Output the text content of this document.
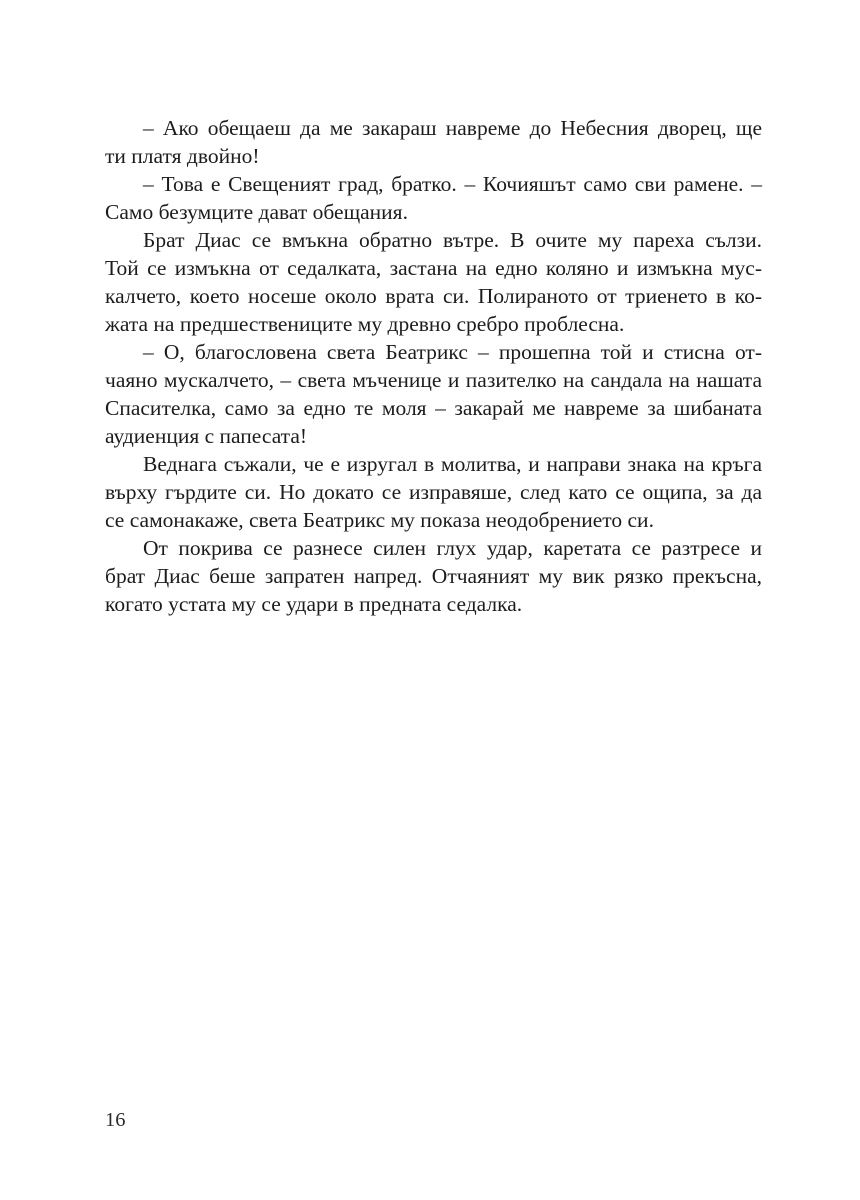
– Ако обещаеш да ме закараш навреме до Небесния дворец, ще
ти платя двойно!
– Това е Свещеният град, братко. – Кочияшът само сви рамене. –
Само безумците дават обещания.
Брат Диас се вмъкна обратно вътре. В очите му пареха сълзи.
Той се измъкна от седалката, застана на едно коляно и измъкна мус-
калчето, което носеше около врата си. Полираното от триенето в ко-
жата на предшествениците му древно сребро проблесна.
– О, благословена света Беатрикс – прошепна той и стисна от-
чаяно мускалчето, – света мъченице и пазителко на сандала на нашата
Спасителка, само за едно те моля – закарай ме навреме за шибаната
аудиенция с папесата!
Веднага съжали, че е изругал в молитва, и направи знака на кръга
върху гърдите си. Но докато се изправяше, след като се ощипа, за да
се самонакаже, света Беатрикс му показа неодобрението си.
От покрива се разнесе силен глух удар, каретата се разтресе и
брат Диас беше запратен напред. Отчаяният му вик рязко прекъсна,
когато устата му се удари в предната седалка.
16
